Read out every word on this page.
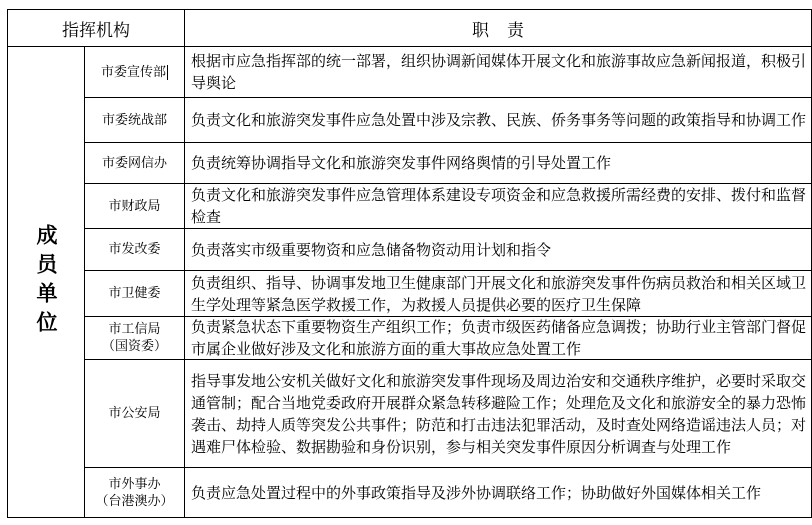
指挥机构	职责
成员单位
市委宣传部
市委统战部
市委网信办
市财政局
市发改委
市卫健委
市工信局
（国资委）
市公安局
市外事办
（台港澳办）
根据市应急指挥部的统一部署，组织协调新闻媒体开展文化和旅游事故应急新闻报道，积极引导舆论
负责文化和旅游突发事件应急处置中涉及宗教、民族、侨务事务等问题的政策指导和协调工作
负责统筹协调指导文化和旅游突发事件网络舆情的引导处置工作
负责文化和旅游突发事件应急管理体系建设专项资金和应急救援所需经费的安排、拨付和监督检查
负责落实市级重要物资和应急储备物资动用计划和指令
负责组织、指导、协调事发地卫生健康部门开展文化和旅游突发事件伤病员救治和相关区域卫生学处理等紧急医学救援工作，为救援人员提供必要的医疗卫生保障
负责紧急状态下重要物资生产组织工作；负责市级医药储备应急调拨；协助行业主管部门督促市属企业做好涉及文化和旅游方面的重大事故应急处置工作
指导事发地公安机关做好文化和旅游突发事件现场及周边治安和交通秩序维护，必要时采取交通管制；配合当地党委政府开展群众紧急转移避险工作；处理危及文化和旅游安全的暴力恐怖袭击、劫持人质等突发公共事件；防范和打击违法犯罪活动，及时查处网络造谣违法人员；对遇难尸体检验、数据勘验和身份识别，参与相关突发事件原因分析调查与处理工作
负责应急处置过程中的外事政策指导及涉外协调联络工作；协助做好外国媒体相关工作
